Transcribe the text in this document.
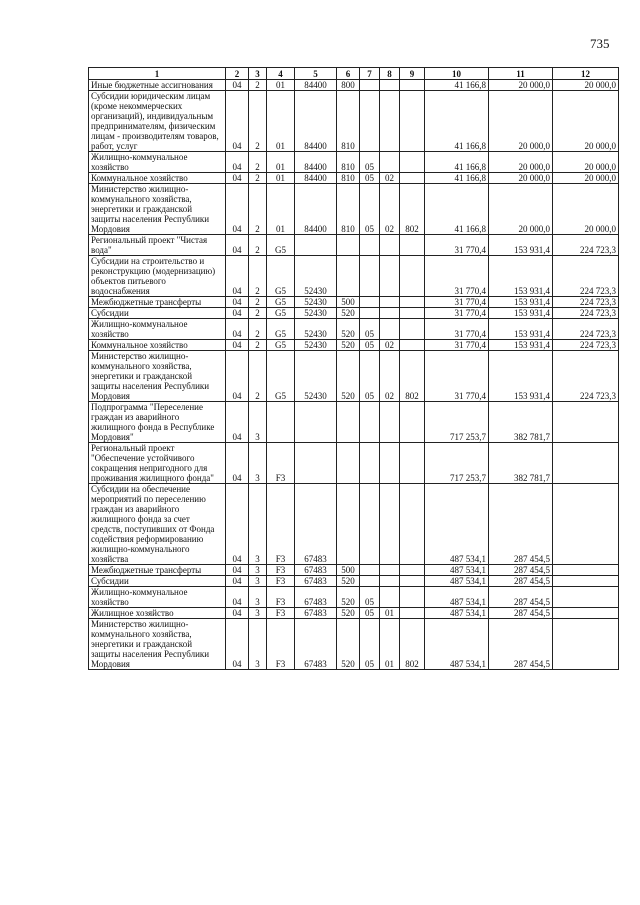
735
1	2	3	4	5	6	7	8	9	10	11	12
Иные бюджетные ассигнования	04	2	01	84400	800				41 166,8	20 000,0	20 000,0
Субсидии юридическим лицам (кроме некоммерческих организаций), индивидуальным предпринимателям, физическим лицам - производителям товаров, работ, услуг	04	2	01	84400	810				41 166,8	20 000,0	20 000,0
Жилищно-коммунальное хозяйство	04	2	01	84400	810	05			41 166,8	20 000,0	20 000,0
Коммунальное хозяйство	04	2	01	84400	810	05	02		41 166,8	20 000,0	20 000,0
Министерство жилищно-коммунального хозяйства, энергетики и гражданской защиты населения Республики Мордовия	04	2	01	84400	810	05	02	802	41 166,8	20 000,0	20 000,0
Региональный проект "Чистая вода"	04	2	G5						31 770,4	153 931,4	224 723,3
Субсидии на строительство и реконструкцию (модернизацию) объектов питьевого водоснабжения	04	2	G5	52430					31 770,4	153 931,4	224 723,3
Межбюджетные трансферты	04	2	G5	52430	500				31 770,4	153 931,4	224 723,3
Субсидии	04	2	G5	52430	520				31 770,4	153 931,4	224 723,3
Жилищно-коммунальное хозяйство	04	2	G5	52430	520	05			31 770,4	153 931,4	224 723,3
Коммунальное хозяйство	04	2	G5	52430	520	05	02		31 770,4	153 931,4	224 723,3
Министерство жилищно-коммунального хозяйства, энергетики и гражданской защиты населения Республики Мордовия	04	2	G5	52430	520	05	02	802	31 770,4	153 931,4	224 723,3
Подпрограмма "Переселение граждан из аварийного жилищного фонда в Республике Мордовия"	04	3							717 253,7	382 781,7	
Региональный проект "Обеспечение устойчивого сокращения непригодного для проживания жилищного фонда"	04	3	F3						717 253,7	382 781,7	
Субсидии на обеспечение мероприятий по переселению граждан из аварийного жилищного фонда за счет средств, поступивших от Фонда содействия реформированию жилищно-коммунального хозяйства	04	3	F3	67483					487 534,1	287 454,5	
Межбюджетные трансферты	04	3	F3	67483	500				487 534,1	287 454,5	
Субсидии	04	3	F3	67483	520				487 534,1	287 454,5	
Жилищно-коммунальное хозяйство	04	3	F3	67483	520	05			487 534,1	287 454,5	
Жилищное хозяйство	04	3	F3	67483	520	05	01		487 534,1	287 454,5	
Министерство жилищно-коммунального хозяйства, энергетики и гражданской защиты населения Республики Мордовия	04	3	F3	67483	520	05	01	802	487 534,1	287 454,5	
